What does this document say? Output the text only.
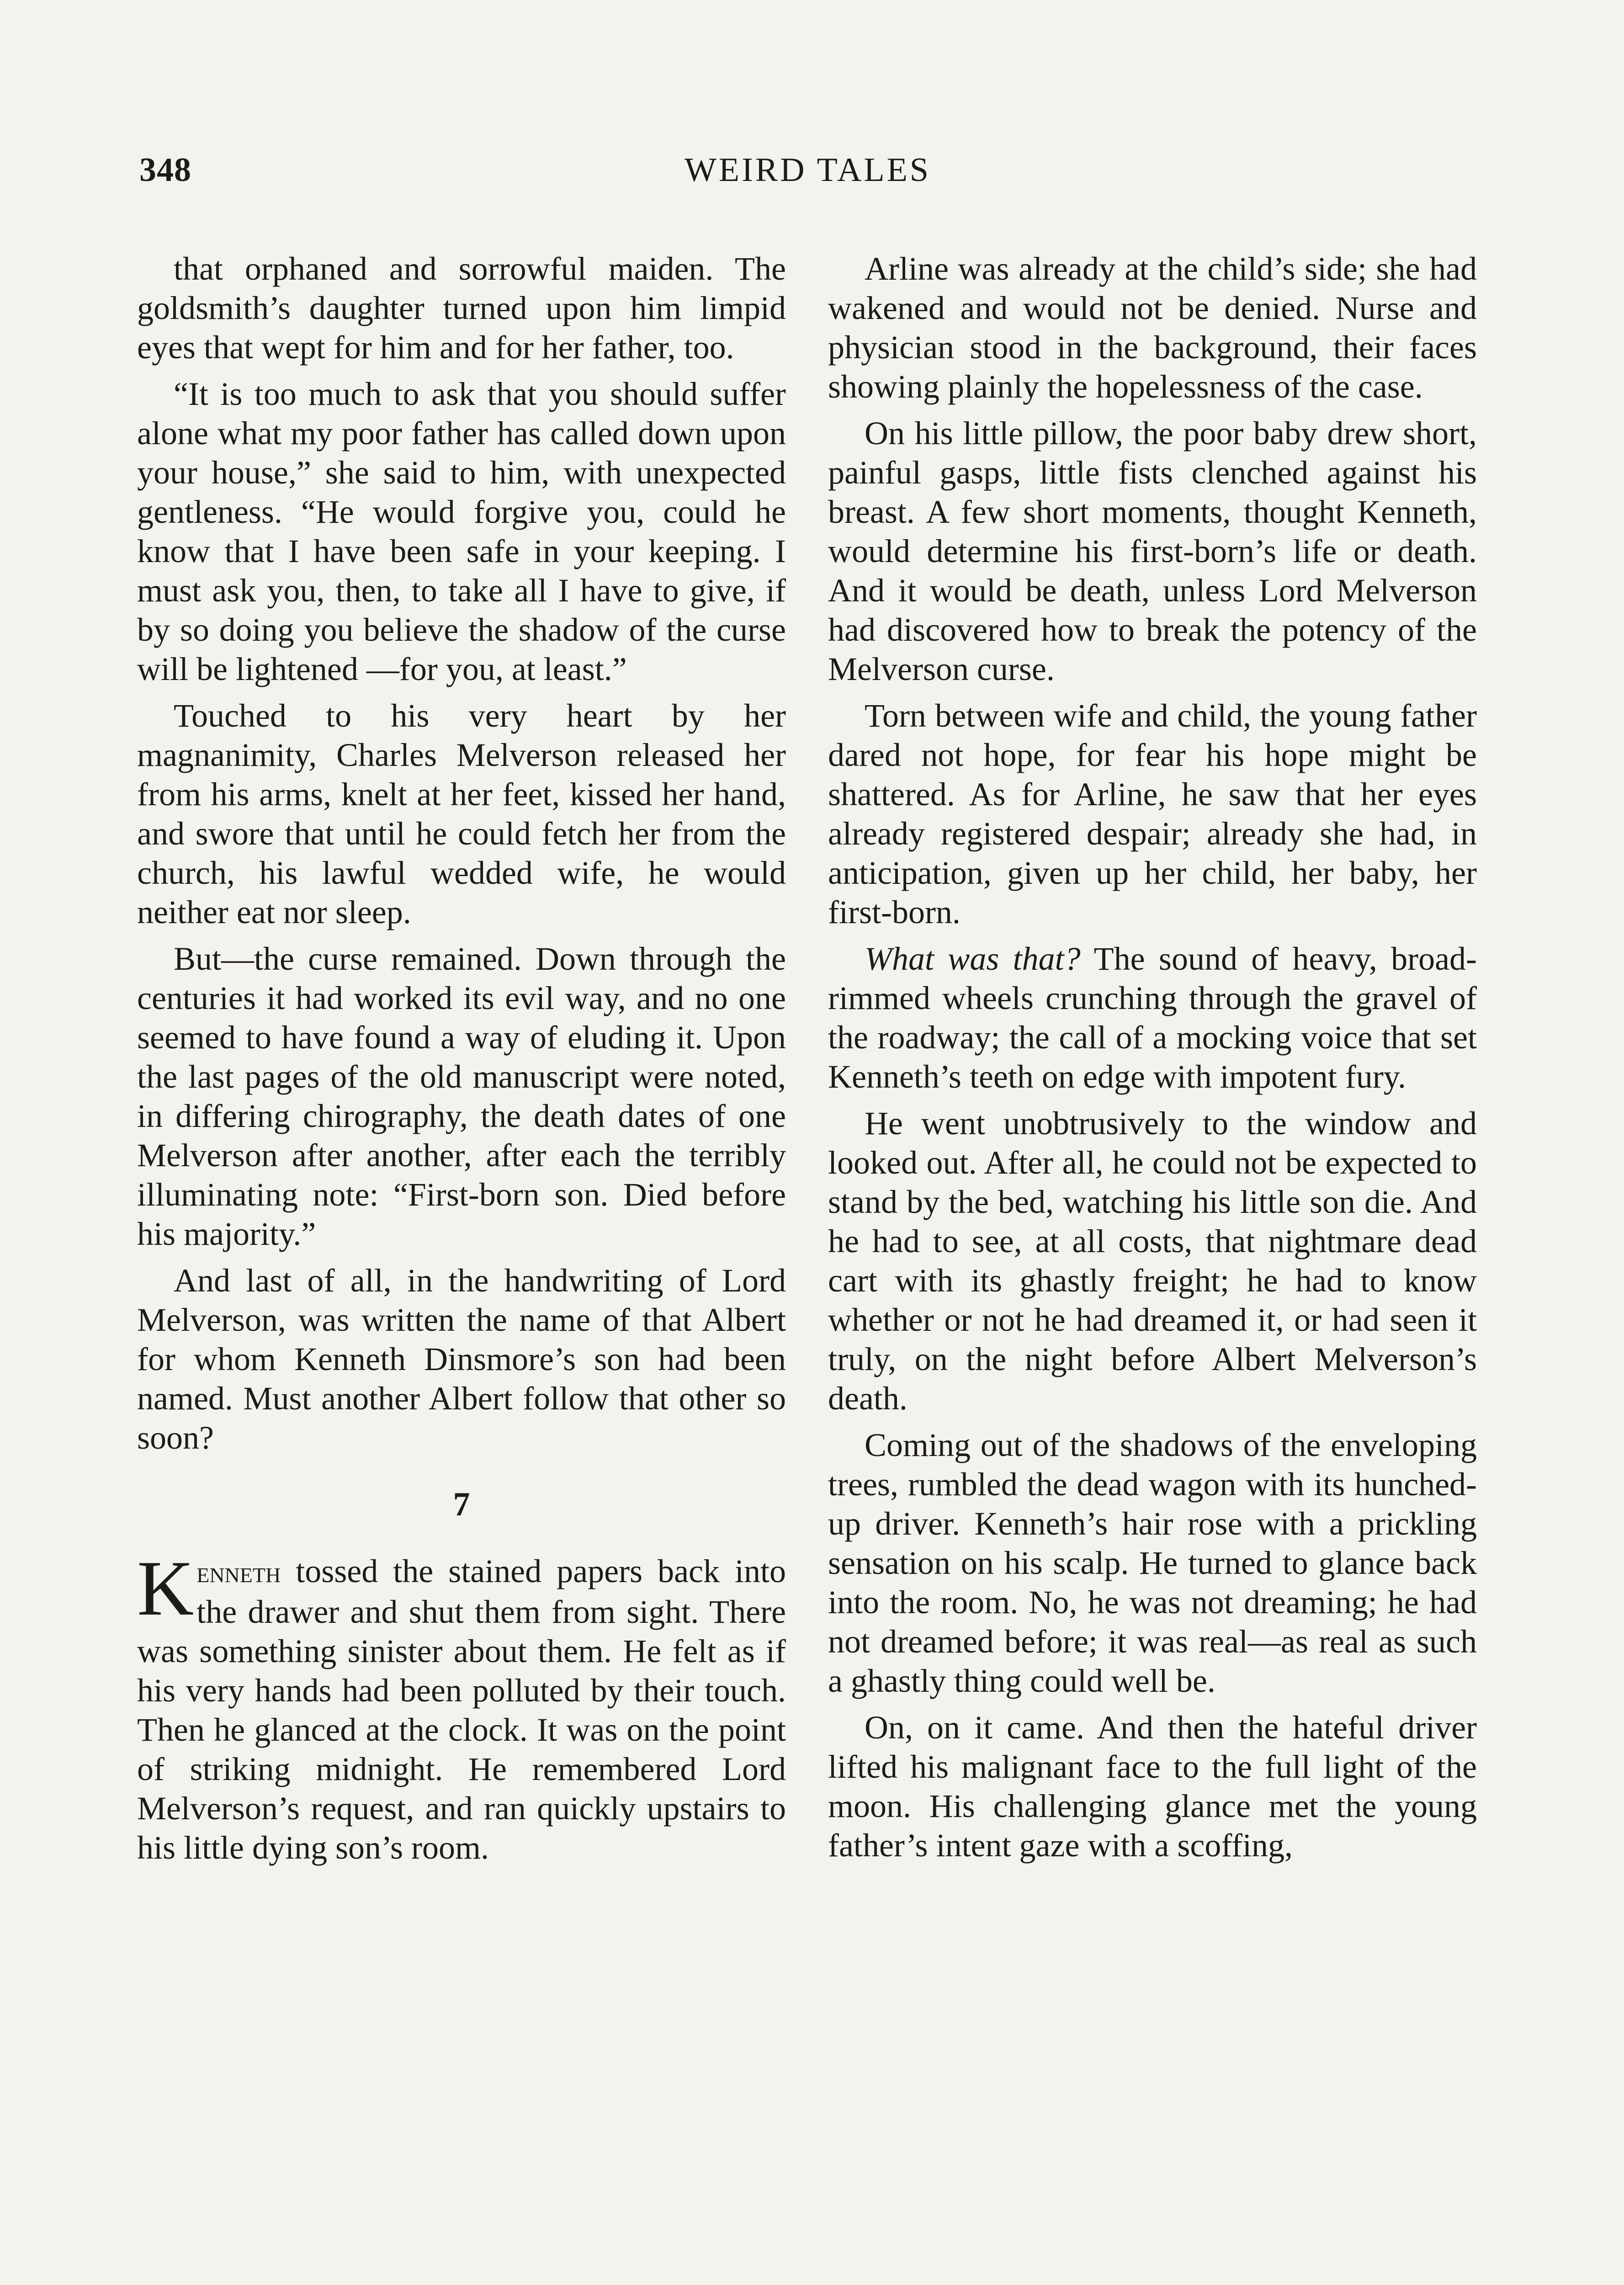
348	WEIRD TALES

that orphaned and sorrowful maiden. The goldsmith’s daughter turned upon him limpid eyes that wept for him and for her father, too.

“It is too much to ask that you should suffer alone what my poor father has called down upon your house,” she said to him, with unexpected gentleness. “He would forgive you, could he know that I have been safe in your keeping. I must ask you, then, to take all I have to give, if by so doing you believe the shadow of the curse will be lightened —for you, at least.”

Touched to his very heart by her magnanimity, Charles Melverson released her from his arms, knelt at her feet, kissed her hand, and swore that until he could fetch her from the church, his lawful wedded wife, he would neither eat nor sleep.

But—the curse remained. Down through the centuries it had worked its evil way, and no one seemed to have found a way of eluding it. Upon the last pages of the old manuscript were noted, in differing chirography, the death dates of one Melverson after another, after each the terribly illuminating note: “First-born son. Died before his majority.”

And last of all, in the handwriting of Lord Melverson, was written the name of that Albert for whom Kenneth Dinsmore’s son had been named. Must another Albert follow that other so soon?

7

Kenneth tossed the stained papers back into the drawer and shut them from sight. There was something sinister about them. He felt as if his very hands had been polluted by their touch. Then he glanced at the clock. It was on the point of striking midnight. He remembered Lord Melverson’s request, and ran quickly upstairs to his little dying son’s room.

Arline was already at the child’s side; she had wakened and would not be denied. Nurse and physician stood in the background, their faces showing plainly the hopelessness of the case.

On his little pillow, the poor baby drew short, painful gasps, little fists clenched against his breast. A few short moments, thought Kenneth, would determine his first-born’s life or death. And it would be death, unless Lord Melverson had discovered how to break the potency of the Melverson curse.

Torn between wife and child, the young father dared not hope, for fear his hope might be shattered. As for Arline, he saw that her eyes already registered despair; already she had, in anticipation, given up her child, her baby, her first-born.

What was that? The sound of heavy, broad-rimmed wheels crunching through the gravel of the roadway; the call of a mocking voice that set Kenneth’s teeth on edge with impotent fury.

He went unobtrusively to the window and looked out. After all, he could not be expected to stand by the bed, watching his little son die. And he had to see, at all costs, that nightmare dead cart with its ghastly freight; he had to know whether or not he had dreamed it, or had seen it truly, on the night before Albert Melverson’s death.

Coming out of the shadows of the enveloping trees, rumbled the dead wagon with its hunched-up driver. Kenneth’s hair rose with a prickling sensation on his scalp. He turned to glance back into the room. No, he was not dreaming; he had not dreamed before; it was real—as real as such a ghastly thing could well be.

On, on it came. And then the hateful driver lifted his malignant face to the full light of the moon. His challenging glance met the young father’s intent gaze with a scoffing,
